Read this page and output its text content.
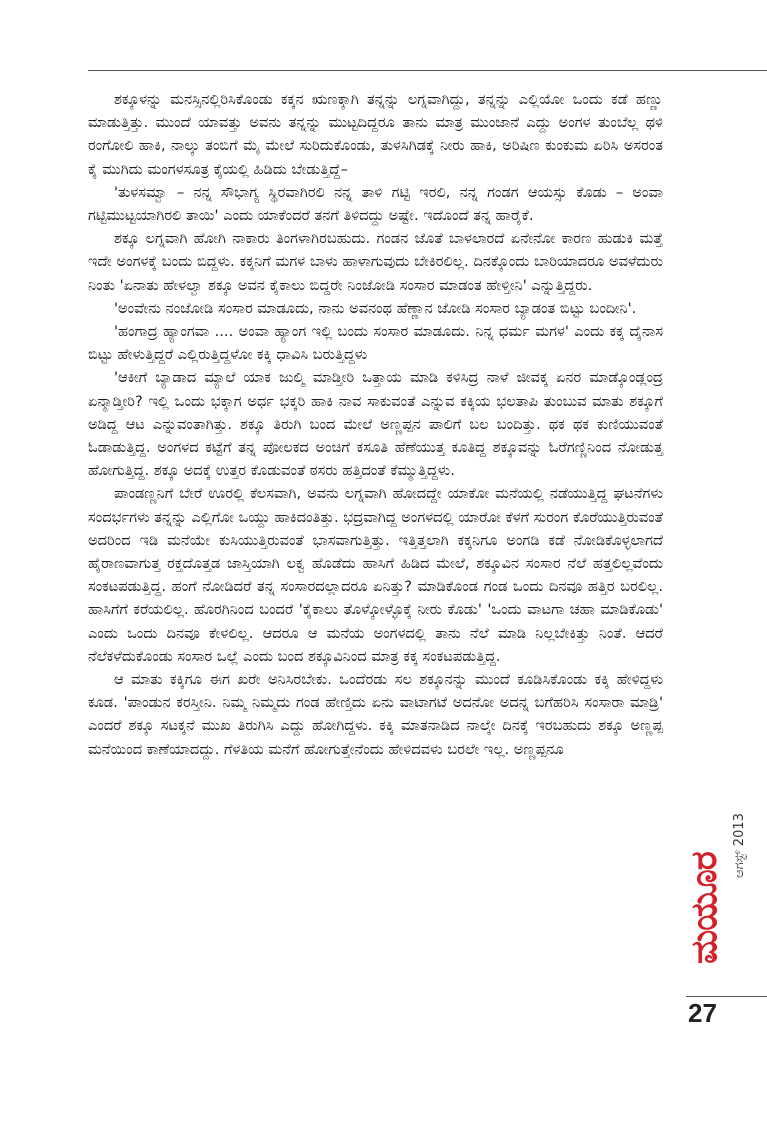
ಶಕ್ಕೂಳನ್ನು ಮನಸ್ಸಿನಲ್ಲಿರಿಸಿಕೊಂಡು ಕಕ್ಕನ ಋಣಕ್ಕಾಗಿ ತನ್ನನ್ನು ಲಗ್ನವಾಗಿದ್ದು, ತನ್ನನ್ನು ಎಲ್ಲಿಯೋ ಒಂದು ಕಡೆ ಹಣ್ಣು ಮಾಡುತ್ತಿತ್ತು. ಮುಂದೆ ಯಾವತ್ತು ಅವನು ತನ್ನನ್ನು ಮುಟ್ಟದಿದ್ದರೂ ತಾನು ಮಾತ್ರ ಮುಂಜಾನೆ ಎದ್ದು ಅಂಗಳ ತುಂಬೆಲ್ಲ ಥಳಿ ರಂಗೋಲಿ ಹಾಕಿ, ನಾಲ್ಕು ತಂಬಿಗೆ ಮೈ ಮೇಲೆ ಸುರಿದುಕೊಂಡು, ತುಳಸಿಗಿಡಕ್ಕೆ ನೀರು ಹಾಕಿ, ಅರಿಷಿಣ ಕುಂಕುಮ ಏರಿಸಿ ಅಸರಂತ ಕೈ ಮುಗಿದು ಮಂಗಳಸೂತ್ರ ಕೈಯಲ್ಲಿ ಹಿಡಿದು ಬೇಡುತ್ತಿದ್ದೆ–

'ತುಳಸಮ್ವಾ – ನನ್ನ ಸೌಭಾಗ್ಯ ಸ್ಥಿರವಾಗಿರಲಿ ನನ್ನ ತಾಳಿ ಗಟ್ಟಿ ಇರಲಿ, ನನ್ನ ಗಂಡಗ ಆಯಸ್ಸು ಕೊಡು – ಅಂವಾ ಗಟ್ಟಿಮುಟ್ಟಯಾಗಿರಲಿ ತಾಯಿ' ಎಂದು ಯಾಕೆಂದರೆ ತನಗೆ ತಿಳಿದದ್ದು ಅಷ್ಟೇ. ಇದೊಂದೆ ತನ್ನ ಹಾರೈಕೆ.

ಶಕ್ಕೂ ಲಗ್ನವಾಗಿ ಹೋಗಿ ನಾಕಾರು ತಿಂಗಳಾಗಿರಬಹುದು. ಗಂಡನ ಜೊತೆ ಬಾಳಲಾರದೆ ಏನೇನೋ ಕಾರಣ ಹುಡುಕಿ ಮತ್ತೆ ಇದೇ ಅಂಗಳಕ್ಕೆ ಬಂದು ಬಿದ್ದಳು. ಕಕ್ಕನಿಗೆ ಮಗಳ ಬಾಳು ಹಾಳಾಗುವುದು ಬೇಕಿರಲಿಲ್ಲ. ದಿನಕ್ಕೊಂದು ಬಾರಿಯಾದರೂ ಅವಳೆದುರು ನಿಂತು 'ಏನಾತು ಹೇಳಲ್ವಾ ಶಕ್ಕೂ ಅವನ ಕೈಕಾಲು ಬಿದ್ದರೇ ನಿಂಜೋಡಿ ಸಂಸಾರ ಮಾಡಂತ ಹೇಳ್ತೀನಿ' ಎನ್ನುತ್ತಿದ್ದರು.

'ಅಂವೇನು ನಂಜೋಡಿ ಸಂಸಾರ ಮಾಡೂದು, ನಾನು ಅವನಂಥ ಹೆಣ್ಣಾನ ಜೋಡಿ ಸಂಸಾರ ಬ್ಯಾಡಂತ ಬಿಟ್ಟು ಬಂದೀನಿ'.

'ಹಂಗಾದ್ರ ಹ್ಯಾಂಗವಾ .... ಅಂವಾ ಹ್ಯಾಂಗ ಇಲ್ಲಿ ಬಂದು ಸಂಸಾರ ಮಾಡೂದು. ನಿನ್ನ ಧರ್ಮ ಮಗಳ' ಎಂದು ಕಕ್ಕ ದೈನಾಸ ಬಿಟ್ಟು ಹೇಳುತ್ತಿದ್ದರೆ ಎಲ್ಲಿರುತ್ತಿದ್ದಳೋ ಕಕ್ಕಿ ಧಾವಿಸಿ ಬರುತ್ತಿದ್ದಳು

'ಆಕೀಗೆ ಬ್ಯಾಡಾದ ಮ್ಯಾಲೆ ಯಾಕ ಜುಲ್ಮಿ ಮಾಡ್ತೀರಿ ಒತ್ತಾಯ ಮಾಡಿ ಕಳಿಸಿದ್ರ ನಾಳೆ ಜೀವಕ್ಕ ಏನರ ಮಾಡ್ಕೊಂಡ್ಲಂದ್ರ ಏನ್ಮಾಡ್ತೀರಿ? ಇಲ್ಲಿ ಒಂದು ಭಕ್ಕಾಗ ಅರ್ಧ ಭಕ್ಕರಿ ಹಾಕಿ ನಾವ ಸಾಕುವಂತೆ ಎನ್ನುವ ಕಕ್ಕಿಯ ಭಲತಾಪಿ ತುಂಬುವ ಮಾತು ಶಕ್ಕೂಗೆ ಅಡಿದ್ದ ಆಟ ಎನ್ನುವಂತಾಗಿತ್ತು. ಶಕ್ಕೂ ತಿರುಗಿ ಬಂದ ಮೇಲೆ ಅಣ್ಣಪ್ಪನ ಪಾಲಿಗೆ ಬಲ ಬಂದಿತ್ತು. ಥಕ ಥಕ ಕುಣಿಯುವಂತೆ ಓಡಾಡುತ್ತಿದ್ದ. ಅಂಗಳದ ಕಟ್ಟೆಗೆ ತನ್ನ ಪೋಲಕದ ಅಂಚಿಗೆ ಕಸೂತಿ ಹೆಣೆಯುತ್ತ ಕೂತಿದ್ದ ಶಕ್ಕೂವನ್ನು ಓರೆಗಣ್ಣಿನಿಂದ ನೋಡುತ್ತ ಹೋಗುತ್ತಿದ್ದ. ಶಕ್ಕೂ ಅದಕ್ಕೆ ಉತ್ತರ ಕೊಡುವಂತೆ ಠಸರು ಹತ್ತಿದಂತೆ ಕೆಮ್ಮುತ್ತಿದ್ದಳು.

ಪಾಂಡಣ್ಣನಿಗೆ ಬೇರೆ ಊರಲ್ಲಿ ಕೆಲಸವಾಗಿ, ಅವನು ಲಗ್ನವಾಗಿ ಹೋದದ್ದೇ ಯಾಕೋ ಮನೆಯಲ್ಲಿ ನಡೆಯುತ್ತಿದ್ದ ಘಟನೆಗಳು ಸಂದರ್ಭಗಳು ತನ್ನನ್ನು ಎಲ್ಲಿಗೋ ಒಯ್ದು ಹಾಕಿದಂತಿತ್ತು. ಭದ್ರವಾಗಿದ್ದ ಅಂಗಳದಲ್ಲಿ ಯಾರೋ ಕೆಳಗೆ ಸುರಂಗ ಕೊರೆಯುತ್ತಿರುವಂತೆ ಅದರಿಂದ ಇಡಿ ಮನೆಯೇ ಕುಸಿಯುತ್ತಿರುವಂತೆ ಭಾಸವಾಗುತ್ತಿತ್ತು. ಇತ್ತಿತ್ತಲಾಗಿ ಕಕ್ಕನಿಗೂ ಅಂಗಡಿ ಕಡೆ ನೋಡಿಕೊಳ್ಳಲಾಗದೆ ಹೈರಾಣವಾಗುತ್ತ ರಕ್ತದೊತ್ತಡ ಜಾಸ್ತಿಯಾಗಿ ಲಕ್ವ ಹೊಡೆದು ಹಾಸಿಗೆ ಹಿಡಿದ ಮೇಲೆ, ಶಕ್ಕೂವಿನ ಸಂಸಾರ ನೆಲೆ ಹತ್ತಲಿಲ್ಲವೆಂದು ಸಂಕಟಪಡುತ್ತಿದ್ದ. ಹಂಗೆ ನೋಡಿದರೆ ತನ್ನ ಸಂಸಾರದಲ್ಲಾದರೂ ಏನಿತ್ತು? ಮಾಡಿಕೊಂಡ ಗಂಡ ಒಂದು ದಿನವೂ ಹತ್ತಿರ ಬರಲಿಲ್ಲ. ಹಾಸಿಗೆಗೆ ಕರೆಯಲಿಲ್ಲ. ಹೊರಗಿನಿಂದ ಬಂದರೆ 'ಕೈಕಾಲು ತೊಳ್ಕೋಳ್ಳೊಕ್ಕೆ ನೀರು ಕೊಡು' 'ಒಂದು ವಾಟಗಾ ಚಹಾ ಮಾಡಿಕೊಡು' ಎಂದು ಒಂದು ದಿನವೂ ಕೇಳಲಿಲ್ಲ. ಆದರೂ ಆ ಮನೆಯ ಅಂಗಳದಲ್ಲಿ ತಾನು ನೆಲೆ ಮಾಡಿ ನಿಲ್ಲಬೇಕಿತ್ತು ನಿಂತೆ. ಆದರೆ ನೆಲೆಕಳೆದುಕೊಂಡು ಸಂಸಾರ ಒಲ್ಲೆ ಎಂದು ಬಂದ ಶಕ್ಕೂವಿನಿಂದ ಮಾತ್ರ ಕಕ್ಕ ಸಂಕಟಪಡುತ್ತಿದ್ದ.

ಆ ಮಾತು ಕಕ್ಕಿಗೂ ಈಗ ಖರೇ ಅನಿಸಿರಬೇಕು. ಒಂದೆರಡು ಸಲ ಶಕ್ಕೂನನ್ನು ಮುಂದೆ ಕೂಡಿಸಿಕೊಂಡು ಕಕ್ಕಿ ಹೇಳಿದ್ದಳು ಕೂಡ. 'ಪಾಂಡುನ ಕರಸ್ತೀನಿ. ನಿಮ್ಮ ನಿಮ್ಮದು ಗಂಡ ಹೇಣ್ತಿದು ಏನು ವಾಟಾಗಟೆ ಅದನೋ ಅದನ್ನ ಬಗೆಹರಿಸಿ ಸಂಸಾರಾ ಮಾಡ್ರಿ' ಎಂದರೆ ಶಕ್ಕೂ ಸಟಕ್ಕನೆ ಮುಖ ತಿರುಗಿಸಿ ಎದ್ದು ಹೋಗಿದ್ದಳು. ಕಕ್ಕಿ ಮಾತನಾಡಿದ ನಾಲ್ಕೇ ದಿನಕ್ಕೆ ಇರಬಹುದು ಶಕ್ಕೂ ಅಣ್ಣಪ್ಪ ಮನೆಯಿಂದ ಕಾಣೆಯಾದದ್ದು. ಗೆಳತಿಯ ಮನೆಗೆ ಹೋಗುತ್ತೇನೆಂದು ಹೇಳಿದವಳು ಬರಲೇ ಇಲ್ಲ. ಅಣ್ಣಪ್ಪನೂ

ಮಯೂರ
ಆಗಸ್ಟ್ 2013
27
